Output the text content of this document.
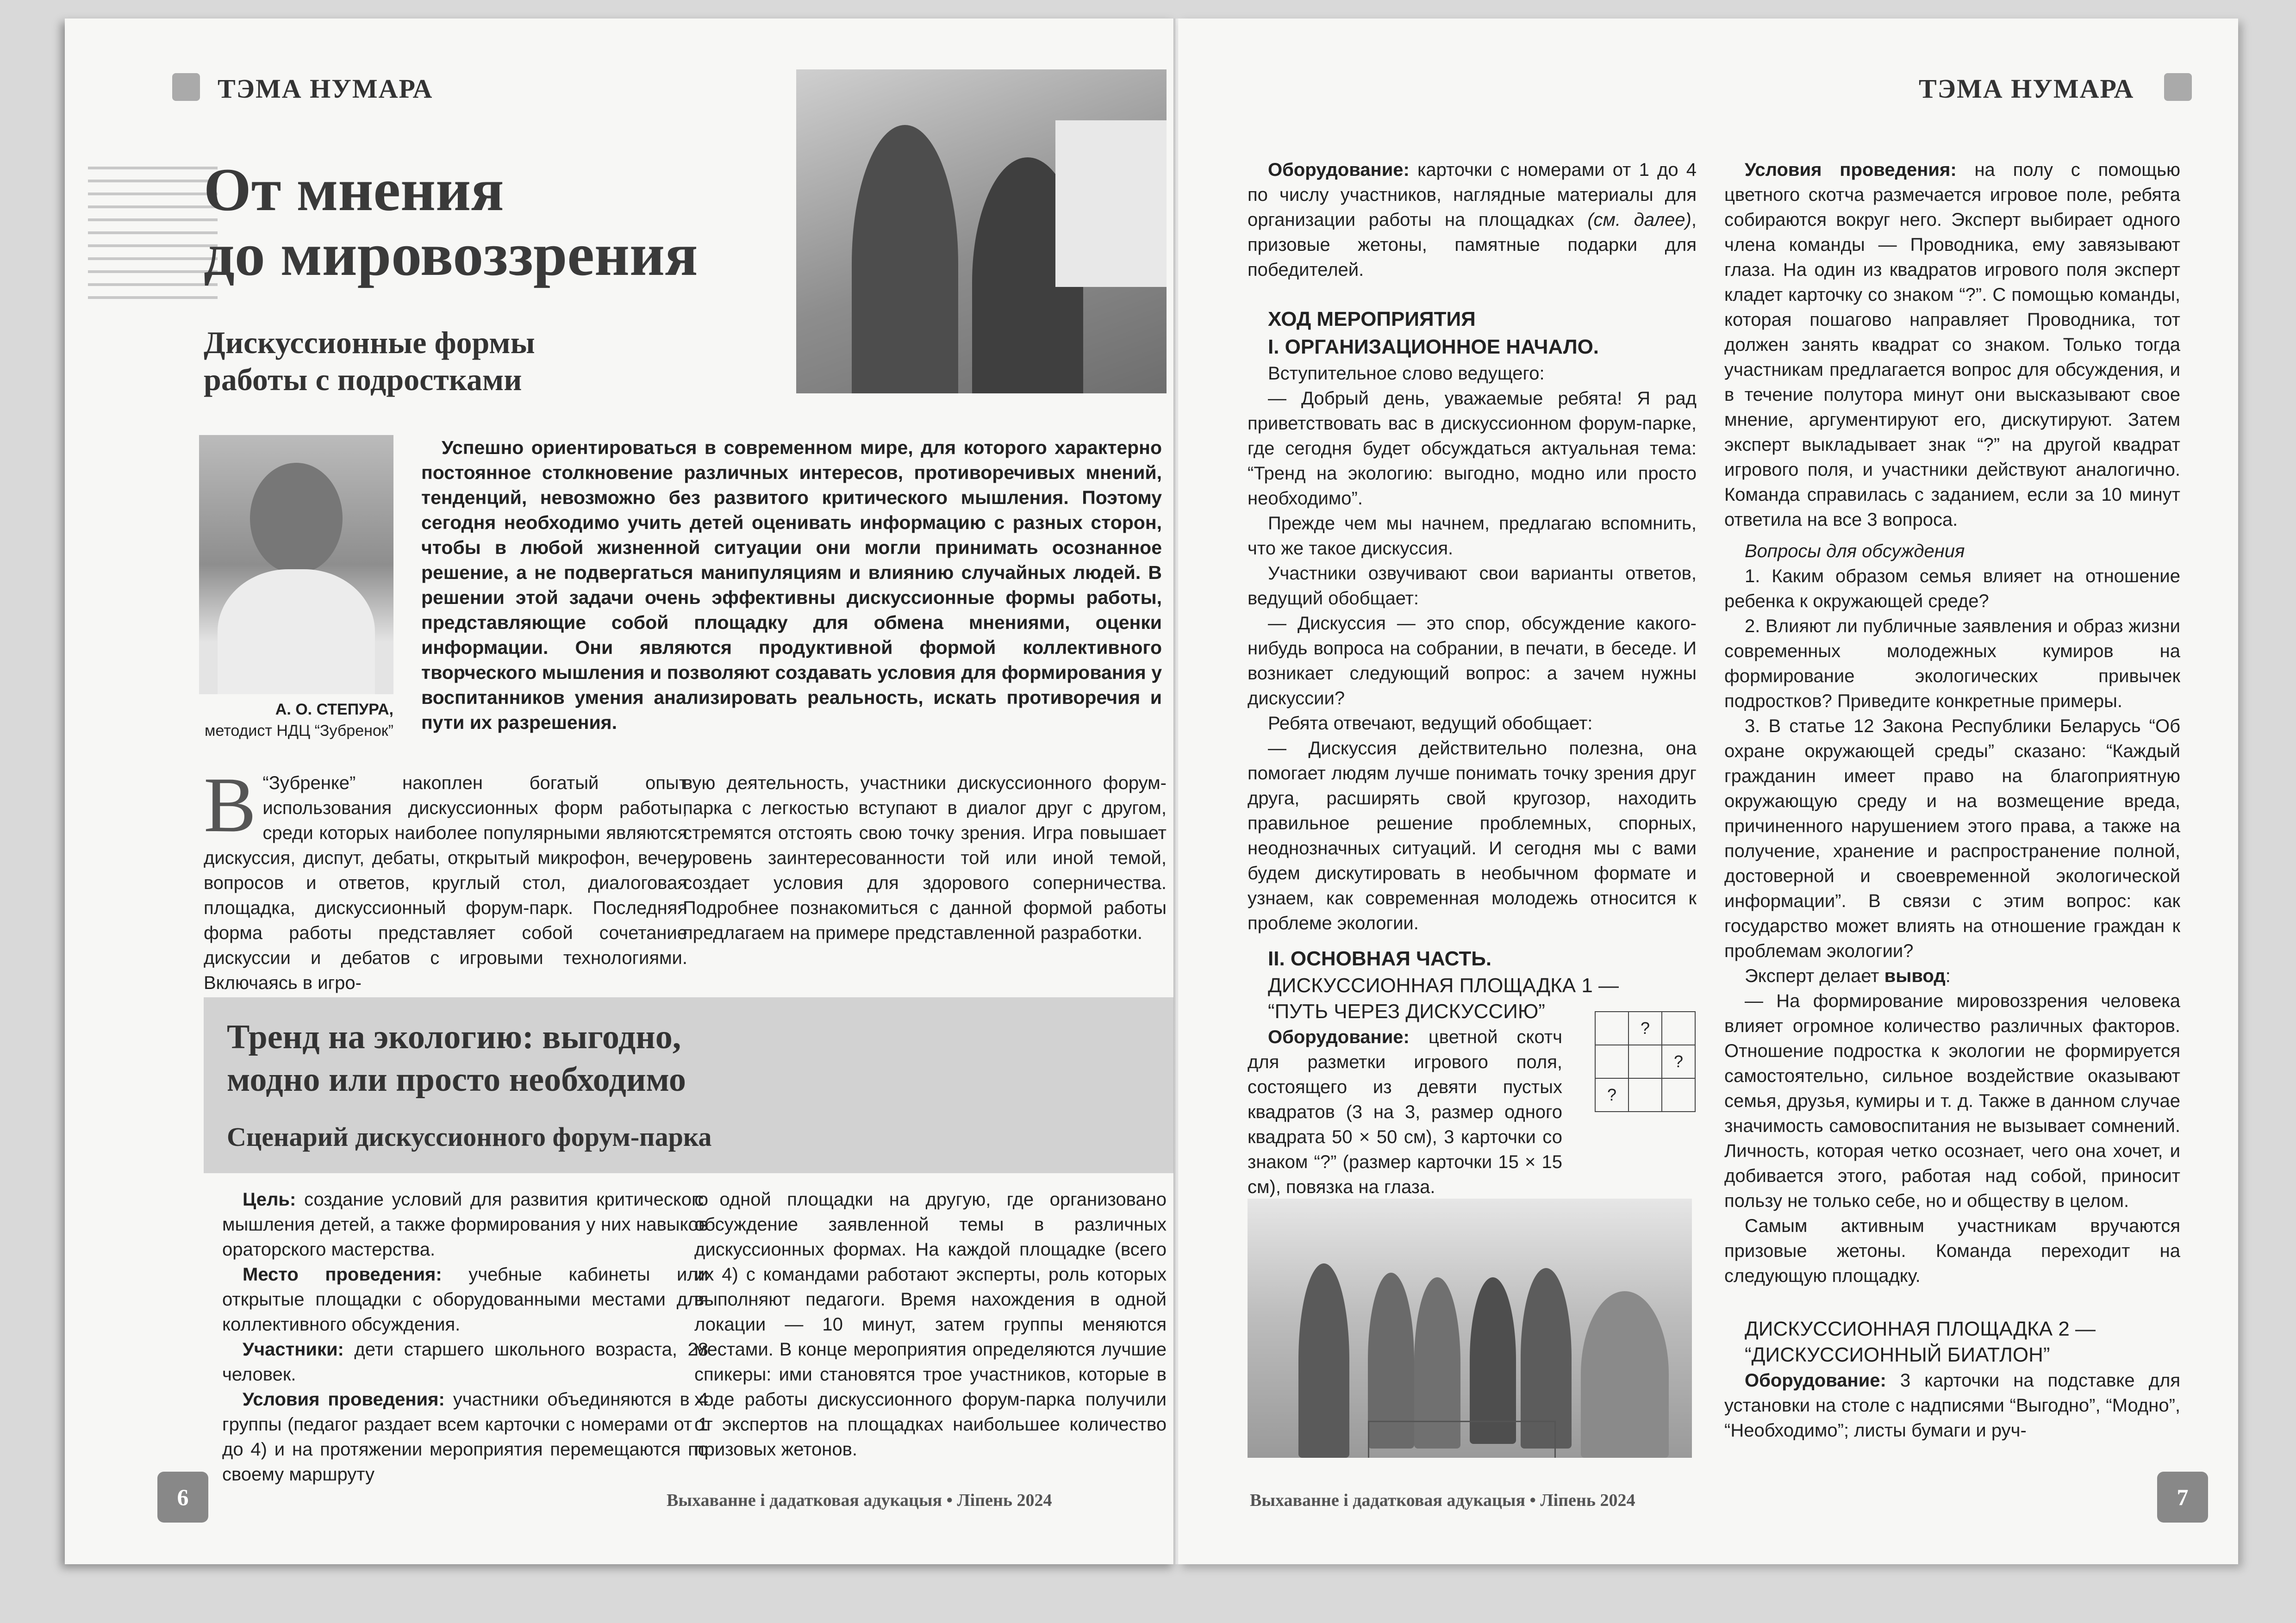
ТЭМА НУМАРА
От мнения
до мировоззрения
Дискуссионные формы
работы с подростками
А. О. СТЕПУРА,
методист НДЦ “Зубренок”

Успешно ориентироваться в современном мире, для которого характерно постоянное столкновение различных интересов, противоречивых мнений, тенденций, невозможно без развитого критического мышления. Поэтому сегодня необходимо учить детей оценивать информацию с разных сторон, чтобы в любой жизненной ситуации они могли принимать осознанное решение, а не подвергаться манипуляциям и влиянию случайных людей. В решении этой задачи очень эффективны дискуссионные формы работы, представляющие собой площадку для обмена мнениями, оценки информации. Они являются продуктивной формой коллективного творческого мышления и позволяют создавать условия для формирования у воспитанников умения анализировать реальность, искать противоречия и пути их разрешения.

В “Зубренке” накоплен богатый опыт использования дискуссионных форм работы, среди которых наиболее популярными являются дискуссия, диспут, дебаты, открытый микрофон, вечер вопросов и ответов, круглый стол, диалоговая площадка, дискуссионный форум-парк. Последняя форма работы представляет собой сочетание дискуссии и дебатов с игровыми технологиями. Включаясь в игро-

вую деятельность, участники дискуссионного форум-парка с легкостью вступают в диалог друг с другом, стремятся отстоять свою точку зрения. Игра повышает уровень заинтересованности той или иной темой, создает условия для здорового соперничества. Подробнее познакомиться с данной формой работы предлагаем на примере представленной разработки.

Тренд на экологию: выгодно,
модно или просто необходимо
Сценарий дискуссионного форум-парка

Цель: создание условий для развития критического мышления детей, а также формирования у них навыков ораторского мастерства.

Место проведения: учебные кабинеты или открытые площадки с оборудованными местами для коллективного обсуждения.

Участники: дети старшего школьного возраста, 28 человек.

Условия проведения: участники объединяются в 4 группы (педагог раздает всем карточки с номерами от 1 до 4) и на протяжении мероприятия перемещаются по своему маршруту

с одной площадки на другую, где организовано обсуждение заявленной темы в различных дискуссионных формах. На каждой площадке (всего их 4) с командами работают эксперты, роль которых выполняют педагоги. Время нахождения в одной локации — 10 минут, затем группы меняются местами. В конце мероприятия определяются лучшие спикеры: ими становятся трое участников, которые в ходе работы дискуссионного форум-парка получили от экспертов на площадках наибольшее количество призовых жетонов.

6	Выхаванне і дадатковая адукацыя • Ліпень 2024
ТЭМА НУМАРА

Оборудование: карточки с номерами от 1 до 4 по числу участников, наглядные материалы для организации работы на площадках (см. далее), призовые жетоны, памятные подарки для победителей.

ХОД МЕРОПРИЯТИЯ

I. ОРГАНИЗАЦИОННОЕ НАЧАЛО.

Вступительное слово ведущего:

— Добрый день, уважаемые ребята! Я рад приветствовать вас в дискуссионном форум-парке, где сегодня будет обсуждаться актуальная тема: “Тренд на экологию: выгодно, модно или просто необходимо”.

Прежде чем мы начнем, предлагаю вспомнить, что же такое дискуссия.

Участники озвучивают свои варианты ответов, ведущий обобщает:

— Дискуссия — это спор, обсуждение какого-нибудь вопроса на собрании, в печати, в беседе. И возникает следующий вопрос: а зачем нужны дискуссии?

Ребята отвечают, ведущий обобщает:

— Дискуссия действительно полезна, она помогает людям лучше понимать точку зрения друг друга, расширять свой кругозор, находить правильное решение проблемных, спорных, неоднозначных ситуаций. И сегодня мы с вами будем дискутировать в необычном формате и узнаем, как современная молодежь относится к проблеме экологии.

II. ОСНОВНАЯ ЧАСТЬ.

ДИСКУССИОННАЯ ПЛОЩАДКА 1 —

“ПУТЬ ЧЕРЕЗ ДИСКУССИЮ”

Оборудование: цветной скотч для разметки игрового поля, состоящего из девяти пустых квадратов (3 на 3, размер одного квадрата 50 × 50 см), 3 карточки со знаком “?” (размер карточки 15 × 15 см), повязка на глаза.

	?	
		?
?		

Условия проведения: на полу с помощью цветного скотча размечается игровое поле, ребята собираются вокруг него. Эксперт выбирает одного члена команды — Проводника, ему завязывают глаза. На один из квадратов игрового поля эксперт кладет карточку со знаком “?”. С помощью команды, которая пошагово направляет Проводника, тот должен занять квадрат со знаком. Только тогда участникам предлагается вопрос для обсуждения, и в течение полутора минут они высказывают свое мнение, аргументируют его, дискутируют. Затем эксперт выкладывает знак “?” на другой квадрат игрового поля, и участники действуют аналогично. Команда справилась с заданием, если за 10 минут ответила на все 3 вопроса.

Вопросы для обсуждения

1. Каким образом семья влияет на отношение ребенка к окружающей среде?

2. Влияют ли публичные заявления и образ жизни современных молодежных кумиров на формирование экологических привычек подростков? Приведите конкретные примеры.

3. В статье 12 Закона Республики Беларусь “Об охране окружающей среды” сказано: “Каждый гражданин имеет право на благоприятную окружающую среду и на возмещение вреда, причиненного нарушением этого права, а также на получение, хранение и распространение полной, достоверной и своевременной экологической информации”. В связи с этим вопрос: как государство может влиять на отношение граждан к проблемам экологии?

Эксперт делает вывод:

— На формирование мировоззрения человека влияет огромное количество различных факторов. Отношение подростка к экологии не формируется самостоятельно, сильное воздействие оказывают семья, друзья, кумиры и т. д. Также в данном случае значимость самовоспитания не вызывает сомнений. Личность, которая четко осознает, чего она хочет, и добивается этого, работая над собой, приносит пользу не только себе, но и обществу в целом.

Самым активным участникам вручаются призовые жетоны. Команда переходит на следующую площадку.

ДИСКУССИОННАЯ ПЛОЩАДКА 2 —

“ДИСКУССИОННЫЙ БИАТЛОН”

Оборудование: 3 карточки на подставке для установки на столе с надписями “Выгодно”, “Модно”, “Необходимо”; листы бумаги и руч-

Выхаванне і дадатковая адукацыя • Ліпень 2024	7
